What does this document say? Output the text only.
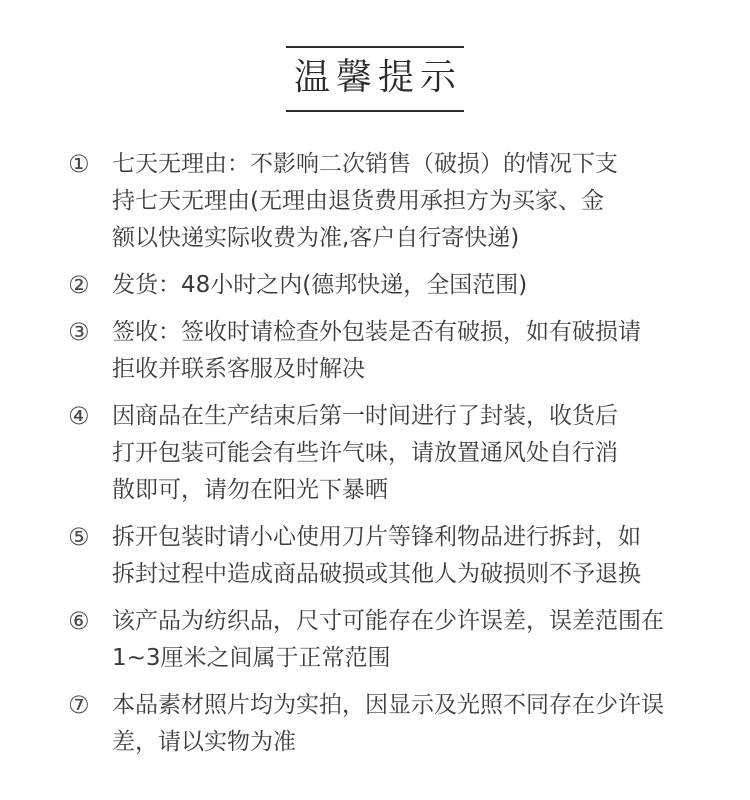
温馨提示
① 七天无理由：不影响二次销售（破损）的情况下支
持七天无理由(无理由退货费用承担方为买家、金
额以快递实际收费为准,客户自行寄快递)
② 发货：48小时之内(德邦快递，全国范围)
③ 签收：签收时请检查外包装是否有破损，如有破损请
拒收并联系客服及时解决
④ 因商品在生产结束后第一时间进行了封装，收货后
打开包装可能会有些许气味，请放置通风处自行消
散即可，请勿在阳光下暴晒
⑤ 拆开包装时请小心使用刀片等锋利物品进行拆封，如
拆封过程中造成商品破损或其他人为破损则不予退换
⑥ 该产品为纺织品，尺寸可能存在少许误差，误差范围在
1~3厘米之间属于正常范围
⑦ 本品素材照片均为实拍，因显示及光照不同存在少许误
差，请以实物为准
